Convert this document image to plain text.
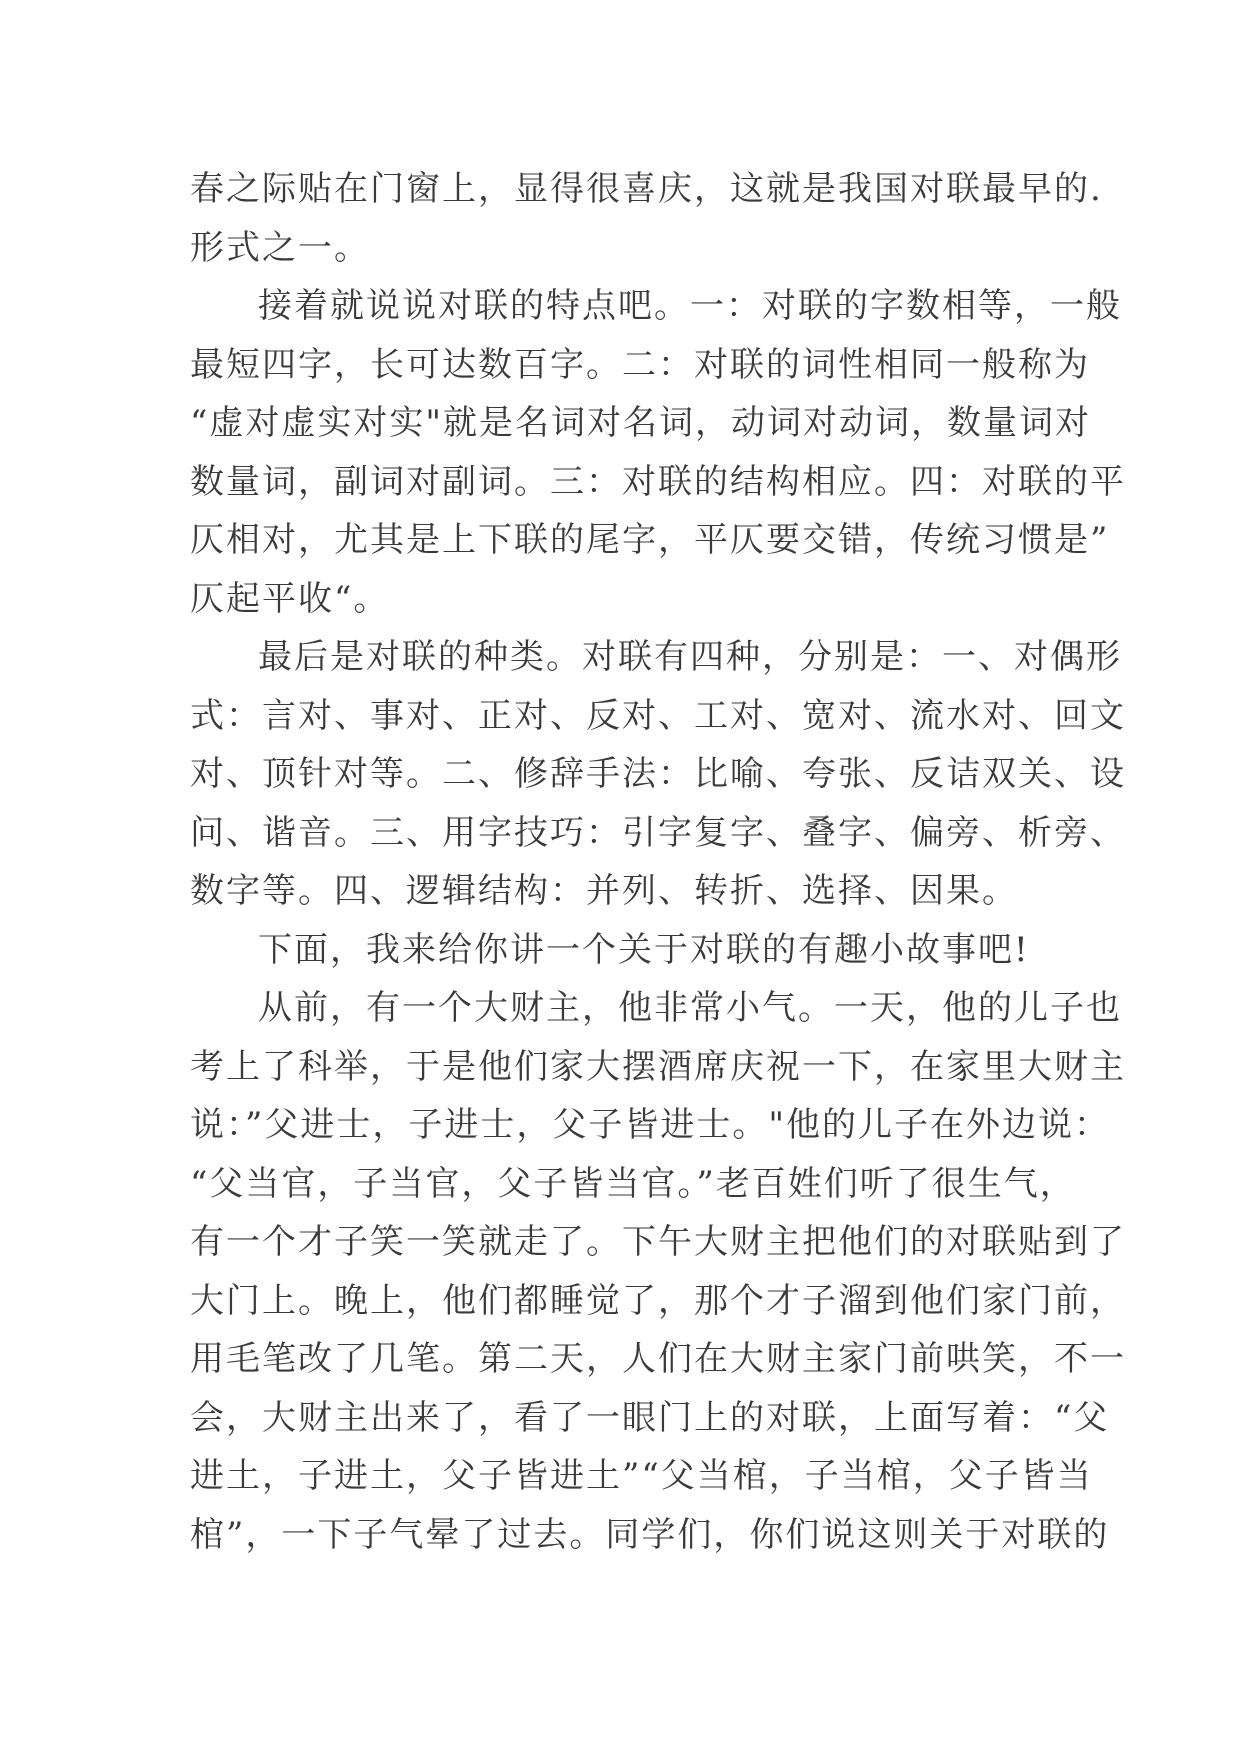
春之际贴在门窗上，显得很喜庆，这就是我国对联最早的.
形式之一。
接着就说说对联的特点吧。一：对联的字数相等，一般
最短四字，长可达数百字。二：对联的词性相同一般称为
“虚对虚实对实"就是名词对名词，动词对动词，数量词对
数量词，副词对副词。三：对联的结构相应。四：对联的平
仄相对，尤其是上下联的尾字，平仄要交错，传统习惯是”
仄起平收“。
最后是对联的种类。对联有四种，分别是：一、对偶形
式：言对、事对、正对、反对、工对、宽对、流水对、回文
对、顶针对等。二、修辞手法：比喻、夸张、反诘双关、设
问、谐音。三、用字技巧：引字复字、叠字、偏旁、析旁、
数字等。四、逻辑结构：并列、转折、选择、因果。
下面，我来给你讲一个关于对联的有趣小故事吧!
从前，有一个大财主，他非常小气。一天，他的儿子也
考上了科举，于是他们家大摆酒席庆祝一下，在家里大财主
说：”父进士，子进士，父子皆进士。"他的儿子在外边说：
“父当官，子当官，父子皆当官。”老百姓们听了很生气，
有一个才子笑一笑就走了。下午大财主把他们的对联贴到了
大门上。晚上，他们都睡觉了，那个才子溜到他们家门前，
用毛笔改了几笔。第二天，人们在大财主家门前哄笑，不一
会，大财主出来了，看了一眼门上的对联，上面写着：“父
进土，子进土，父子皆进土”“父当棺，子当棺，父子皆当
棺”，一下子气晕了过去。同学们，你们说这则关于对联的
